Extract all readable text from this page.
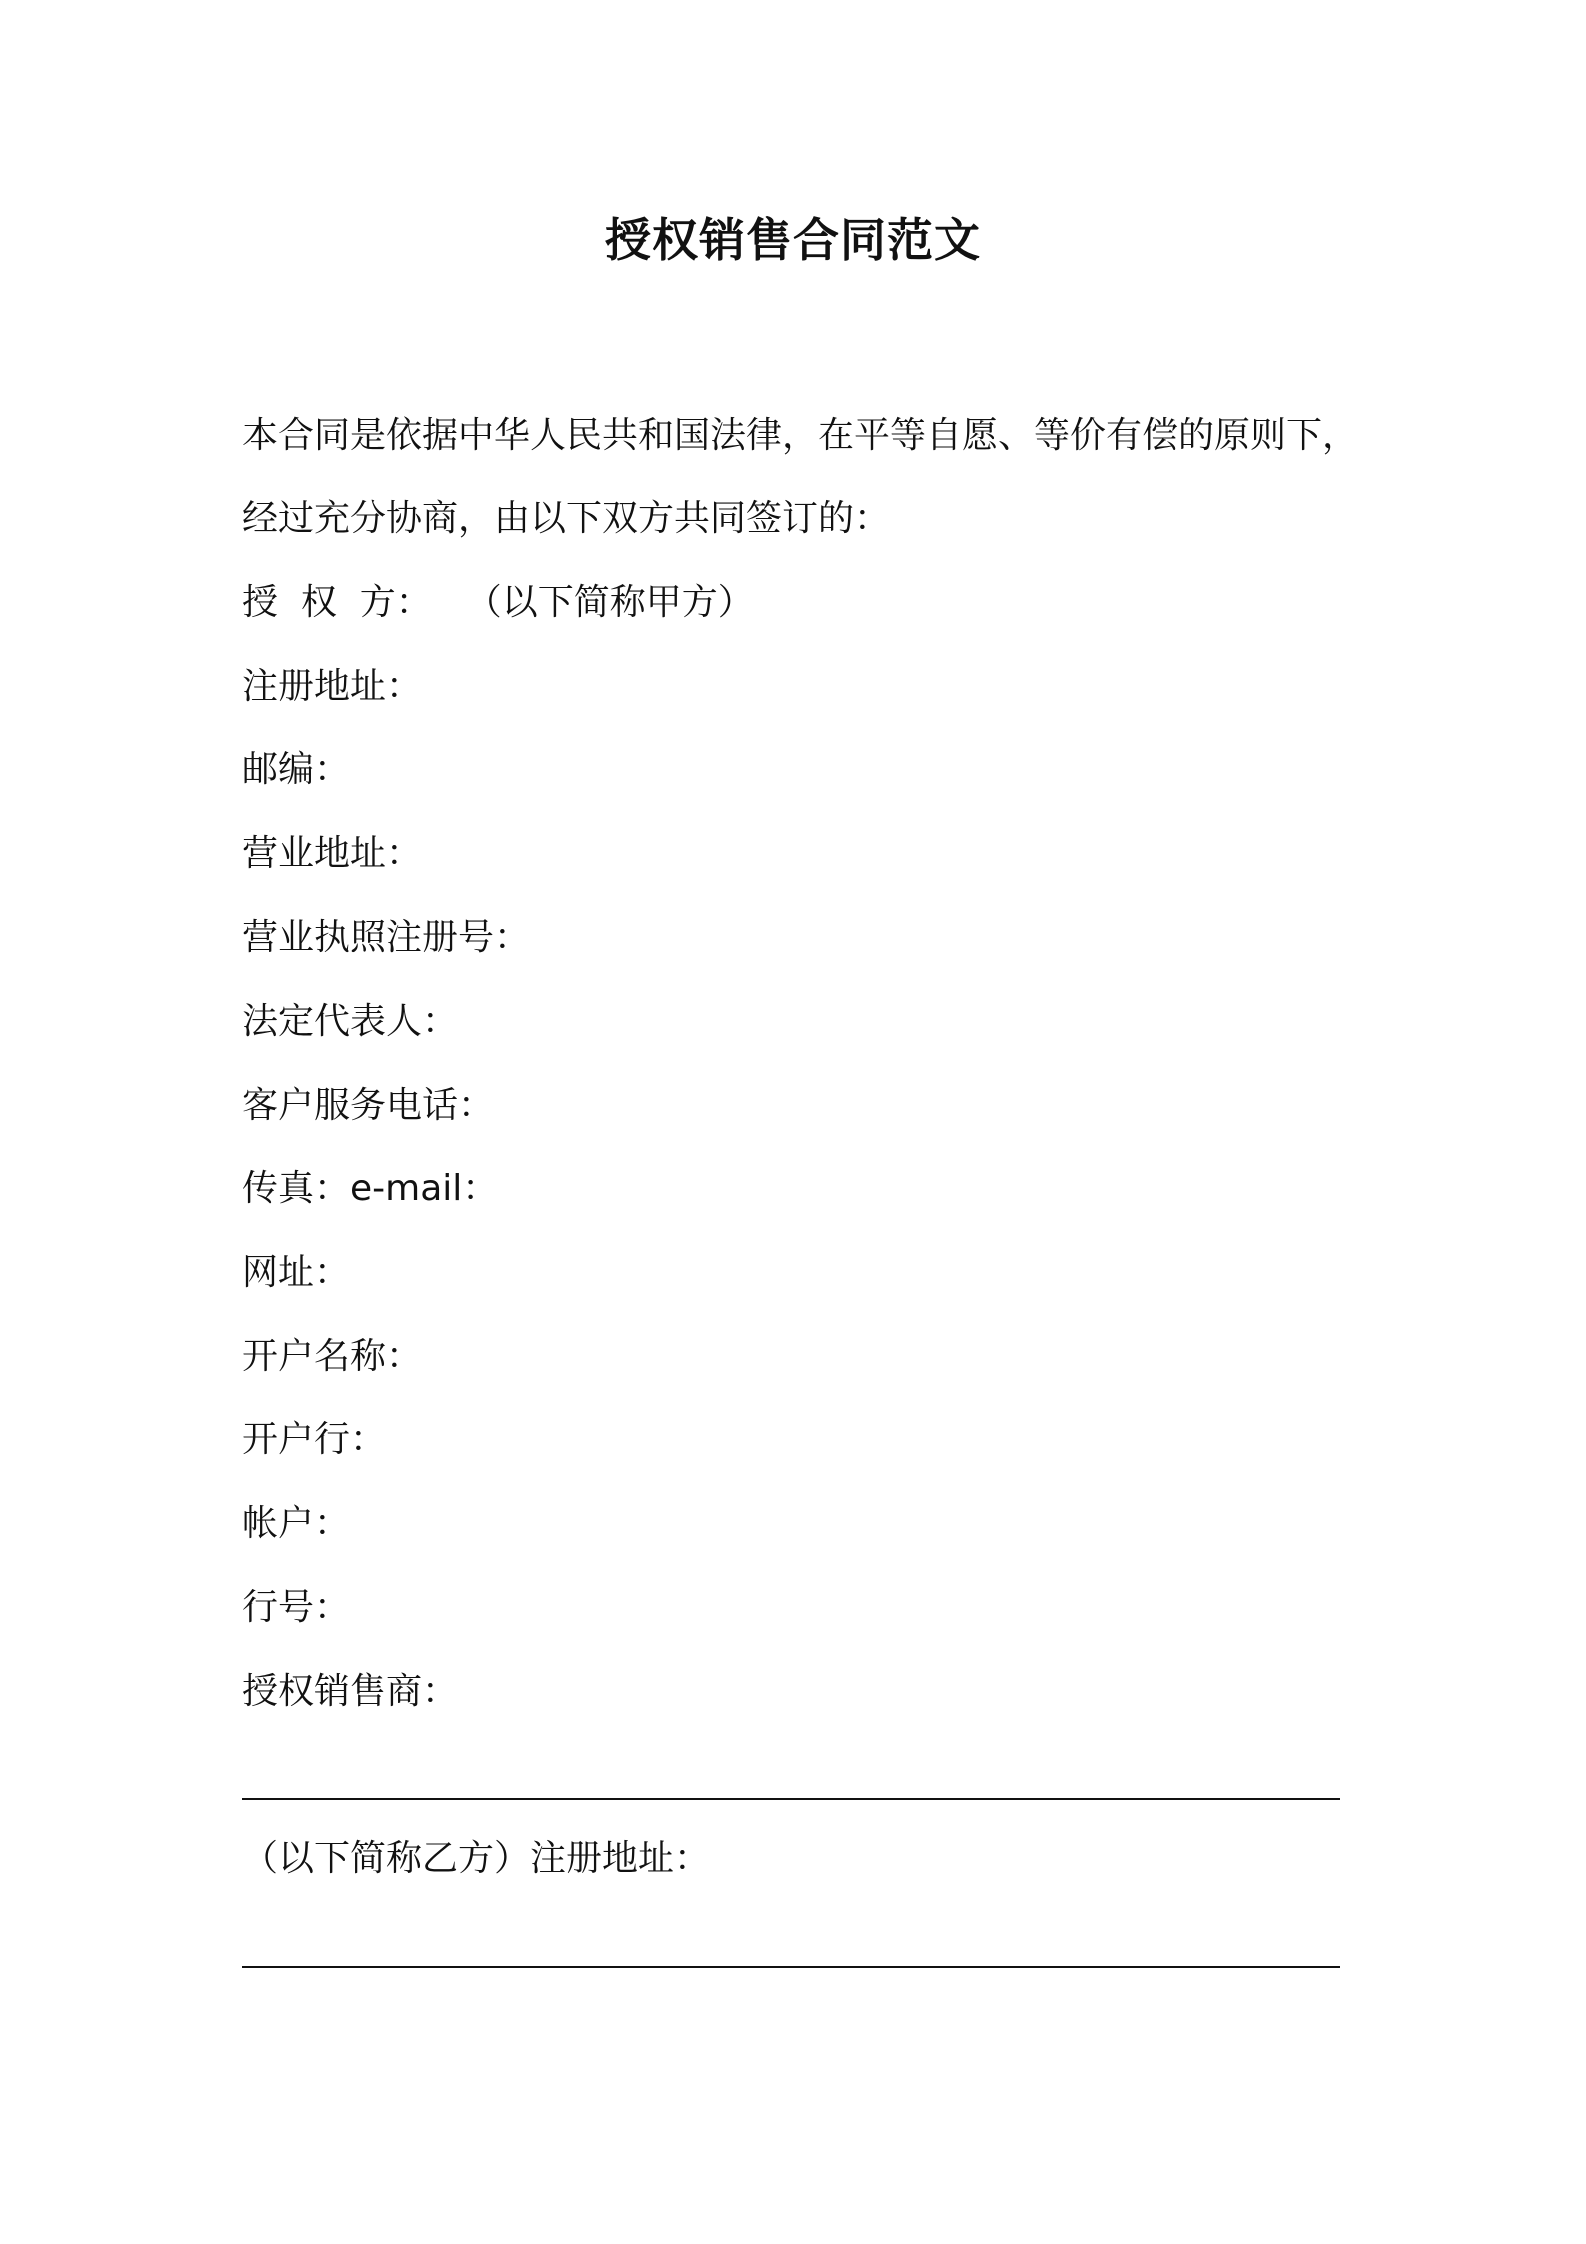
授权销售合同范文
本合同是依据中华人民共和国法律，在平等自愿、等价有偿的原则下，
经过充分协商，由以下双方共同签订的：
授  权  方： （以下简称甲方）
注册地址：
邮编：
营业地址：
营业执照注册号：
法定代表人：
客户服务电话：
传真：e-mail：
网址：
开户名称：
开户行：
帐户：
行号：
授权销售商：
（以下简称乙方）注册地址：
